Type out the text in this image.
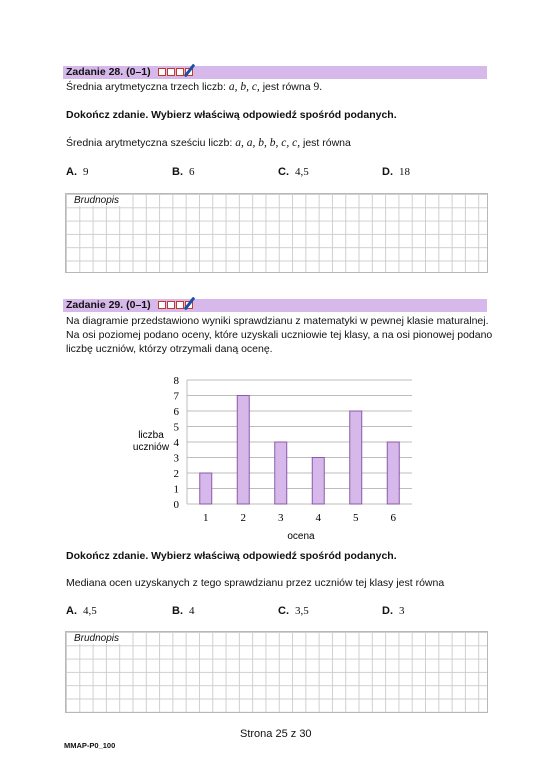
Zadanie 28. (0–1)
Średnia arytmetyczna trzech liczb: a, b, c, jest równa 9.
Dokończ zdanie. Wybierz właściwą odpowiedź spośród podanych.
Średnia arytmetyczna sześciu liczb: a, a, b, b, c, c, jest równa
A. 9	B. 6	C. 4,5	D. 18
Brudnopis
Zadanie 29. (0–1)
Na diagramie przedstawiono wyniki sprawdzianu z matematyki w pewnej klasie maturalnej.
Na osi poziomej podano oceny, które uzyskali uczniowie tej klasy, a na osi pionowej podano
liczbę uczniów, którzy otrzymali daną ocenę.
0
1
2
3
4
5
6
7
8
1	2	3	4	5	6
liczba
uczniów
ocena
Dokończ zdanie. Wybierz właściwą odpowiedź spośród podanych.
Mediana ocen uzyskanych z tego sprawdzianu przez uczniów tej klasy jest równa
A. 4,5	B. 4	C. 3,5	D. 3
Brudnopis
Strona 25 z 30
MMAP-P0_100
